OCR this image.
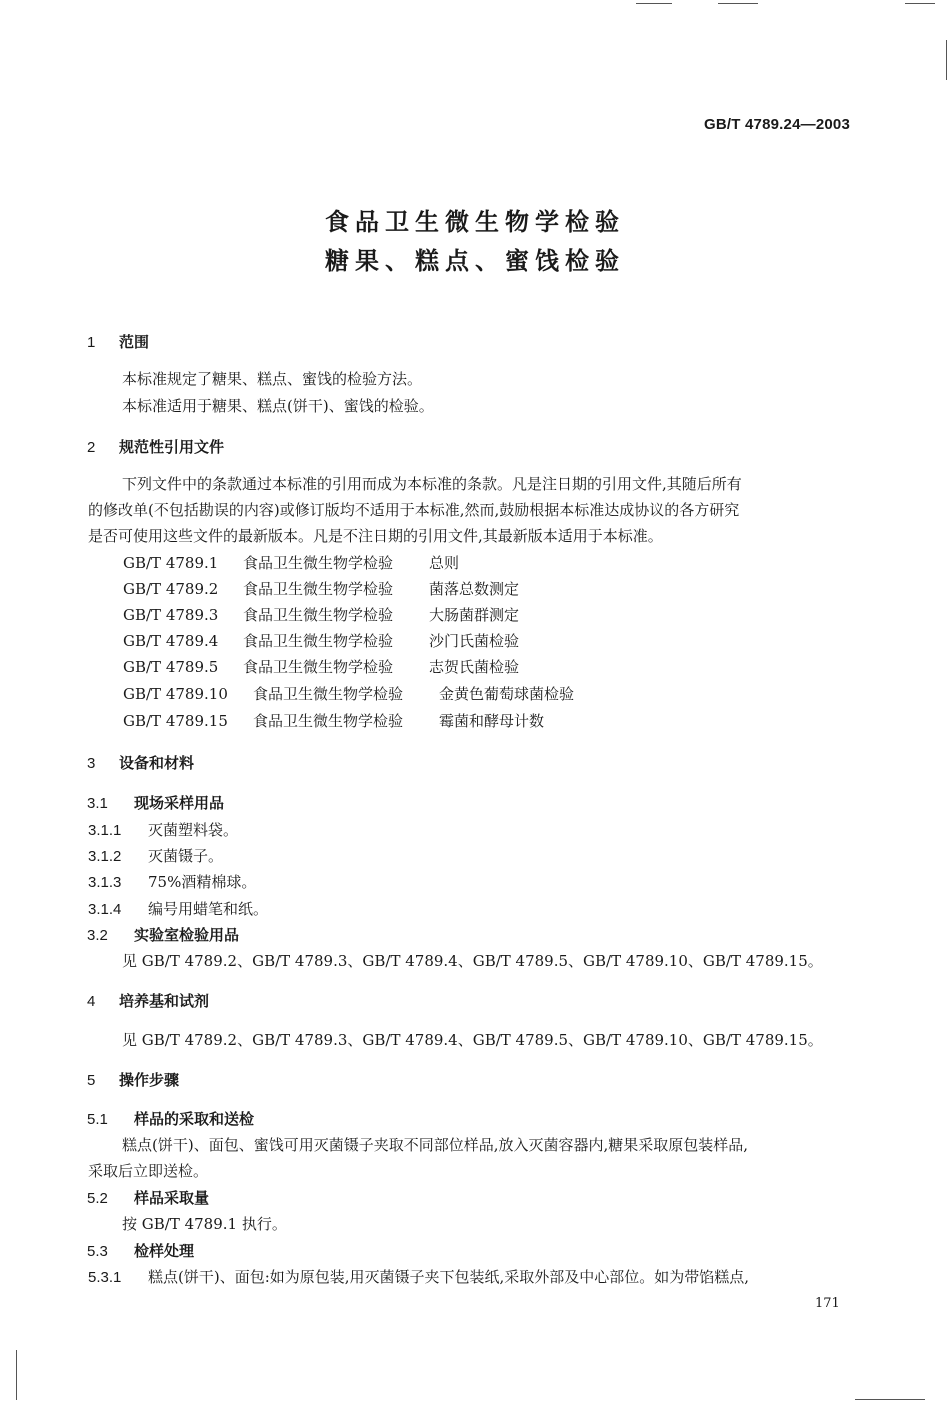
GB/T 4789.24—2003
食品卫生微生物学检验
糖果、糕点、蜜饯检验
1 范围
本标准规定了糖果、糕点、蜜饯的检验方法。
本标准适用于糖果、糕点(饼干)、蜜饯的检验。
2 规范性引用文件
下列文件中的条款通过本标准的引用而成为本标准的条款。凡是注日期的引用文件,其随后所有
的修改单(不包括勘误的内容)或修订版均不适用于本标准,然而,鼓励根据本标准达成协议的各方研究
是否可使用这些文件的最新版本。凡是不注日期的引用文件,其最新版本适用于本标准。
GB/T 4789.1 食品卫生微生物学检验 总则
GB/T 4789.2 食品卫生微生物学检验 菌落总数测定
GB/T 4789.3 食品卫生微生物学检验 大肠菌群测定
GB/T 4789.4 食品卫生微生物学检验 沙门氏菌检验
GB/T 4789.5 食品卫生微生物学检验 志贺氏菌检验
GB/T 4789.10 食品卫生微生物学检验 金黄色葡萄球菌检验
GB/T 4789.15 食品卫生微生物学检验 霉菌和酵母计数
3 设备和材料
3.1 现场采样用品
3.1.1 灭菌塑料袋。
3.1.2 灭菌镊子。
3.1.3 75%酒精棉球。
3.1.4 编号用蜡笔和纸。
3.2 实验室检验用品
见 GB/T 4789.2、GB/T 4789.3、GB/T 4789.4、GB/T 4789.5、GB/T 4789.10、GB/T 4789.15。
4 培养基和试剂
见 GB/T 4789.2、GB/T 4789.3、GB/T 4789.4、GB/T 4789.5、GB/T 4789.10、GB/T 4789.15。
5 操作步骤
5.1 样品的采取和送检
糕点(饼干)、面包、蜜饯可用灭菌镊子夹取不同部位样品,放入灭菌容器内,糖果采取原包装样品,
采取后立即送检。
5.2 样品采取量
按 GB/T 4789.1 执行。
5.3 检样处理
5.3.1 糕点(饼干)、面包:如为原包装,用灭菌镊子夹下包装纸,采取外部及中心部位。如为带馅糕点,
171
